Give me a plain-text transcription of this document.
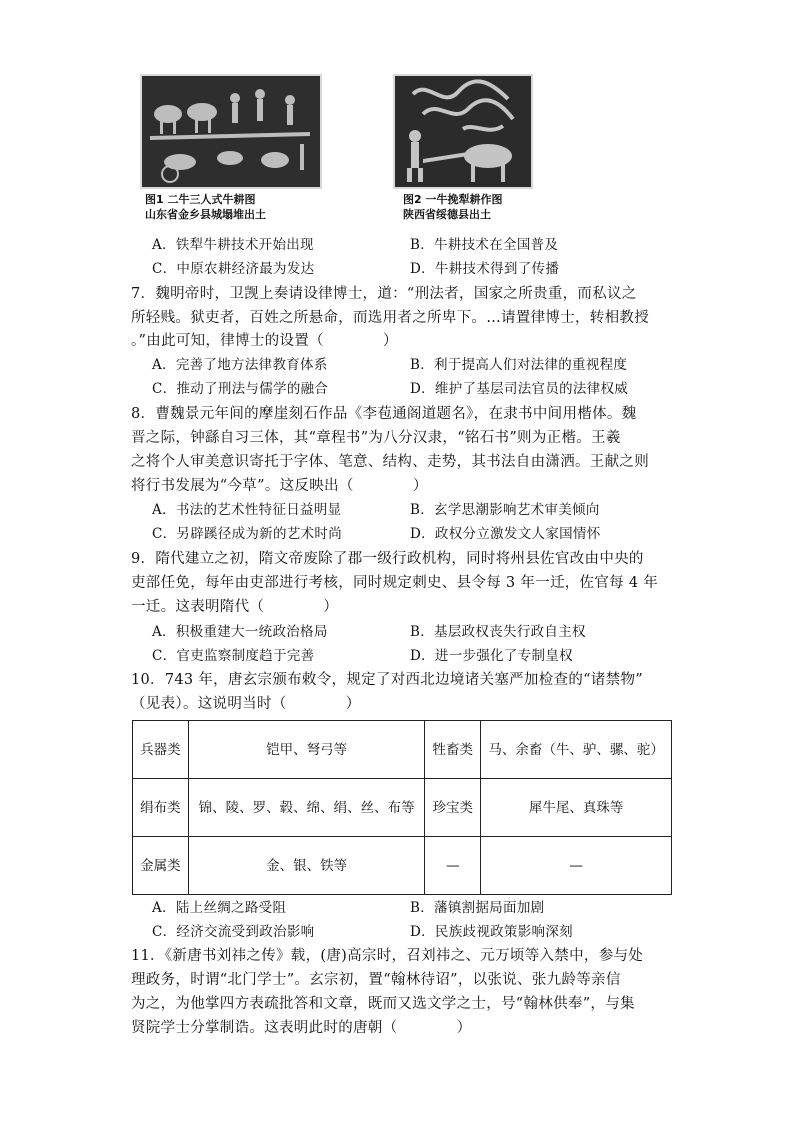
图1 二牛三人式牛耕图
山东省金乡县城塌堆出土
图2 一牛挽犁耕作图
陕西省绥德县出土
A．铁犁牛耕技术开始出现	B．牛耕技术在全国普及
C．中原农耕经济最为发达	D．牛耕技术得到了传播
7．魏明帝时，卫觊上奏请设律博士，道：“刑法者，国家之所贵重，而私议之
所轻贱。狱吏者，百姓之所悬命，而选用者之所卑下。…请置律博士，转相教授
。”由此可知，律博士的设置（　　　　）
A．完善了地方法律教育体系	B．利于提高人们对法律的重视程度
C．推动了刑法与儒学的融合	D．维护了基层司法官员的法律权威
8．曹魏景元年间的摩崖刻石作品《李苞通阁道题名》，在隶书中间用楷体。魏
晋之际，钟繇自习三体，其“章程书”为八分汉隶，“铭石书”则为正楷。王羲
之将个人审美意识寄托于字体、笔意、结构、走势，其书法自由潇洒。王献之则
将行书发展为“今草”。这反映出（　　　　）
A．书法的艺术性特征日益明显	B．玄学思潮影响艺术审美倾向
C．另辟蹊径成为新的艺术时尚	D．政权分立激发文人家国情怀
9．隋代建立之初，隋文帝废除了郡一级行政机构，同时将州县佐官改由中央的
吏部任免，每年由吏部进行考核，同时规定刺史、县令每 3 年一迁，佐官每 4 年
一迁。这表明隋代（　　　　）
A．积极重建大一统政治格局	B．基层政权丧失行政自主权
C．官吏监察制度趋于完善	D．进一步强化了专制皇权
10．743 年，唐玄宗颁布敕令，规定了对西北边境诸关塞严加检查的“诸禁物”
（见表）。这说明当时（　　　　）
兵器类	铠甲、弩弓等	牲畜类	马、余畜（牛、驴、骡、驼）
绢布类	锦、陵、罗、毂、绵、绢、丝、布等	珍宝类	犀牛尾、真珠等
金属类	金、银、铁等	—	—
A．陆上丝绸之路受阻	B．藩镇割据局面加剧
C．经济交流受到政治影响	D．民族歧视政策影响深刻
11．《新唐书刘祎之传》载，(唐)高宗时，召刘祎之、元万顷等入禁中，参与处
理政务，时谓“北门学士”。玄宗初，置“翰林待诏”，以张说、张九龄等亲信
为之，为他掌四方表疏批答和文章，既而又选文学之士，号“翰林供奉”，与集
贤院学士分掌制诰。这表明此时的唐朝（　　　　）
